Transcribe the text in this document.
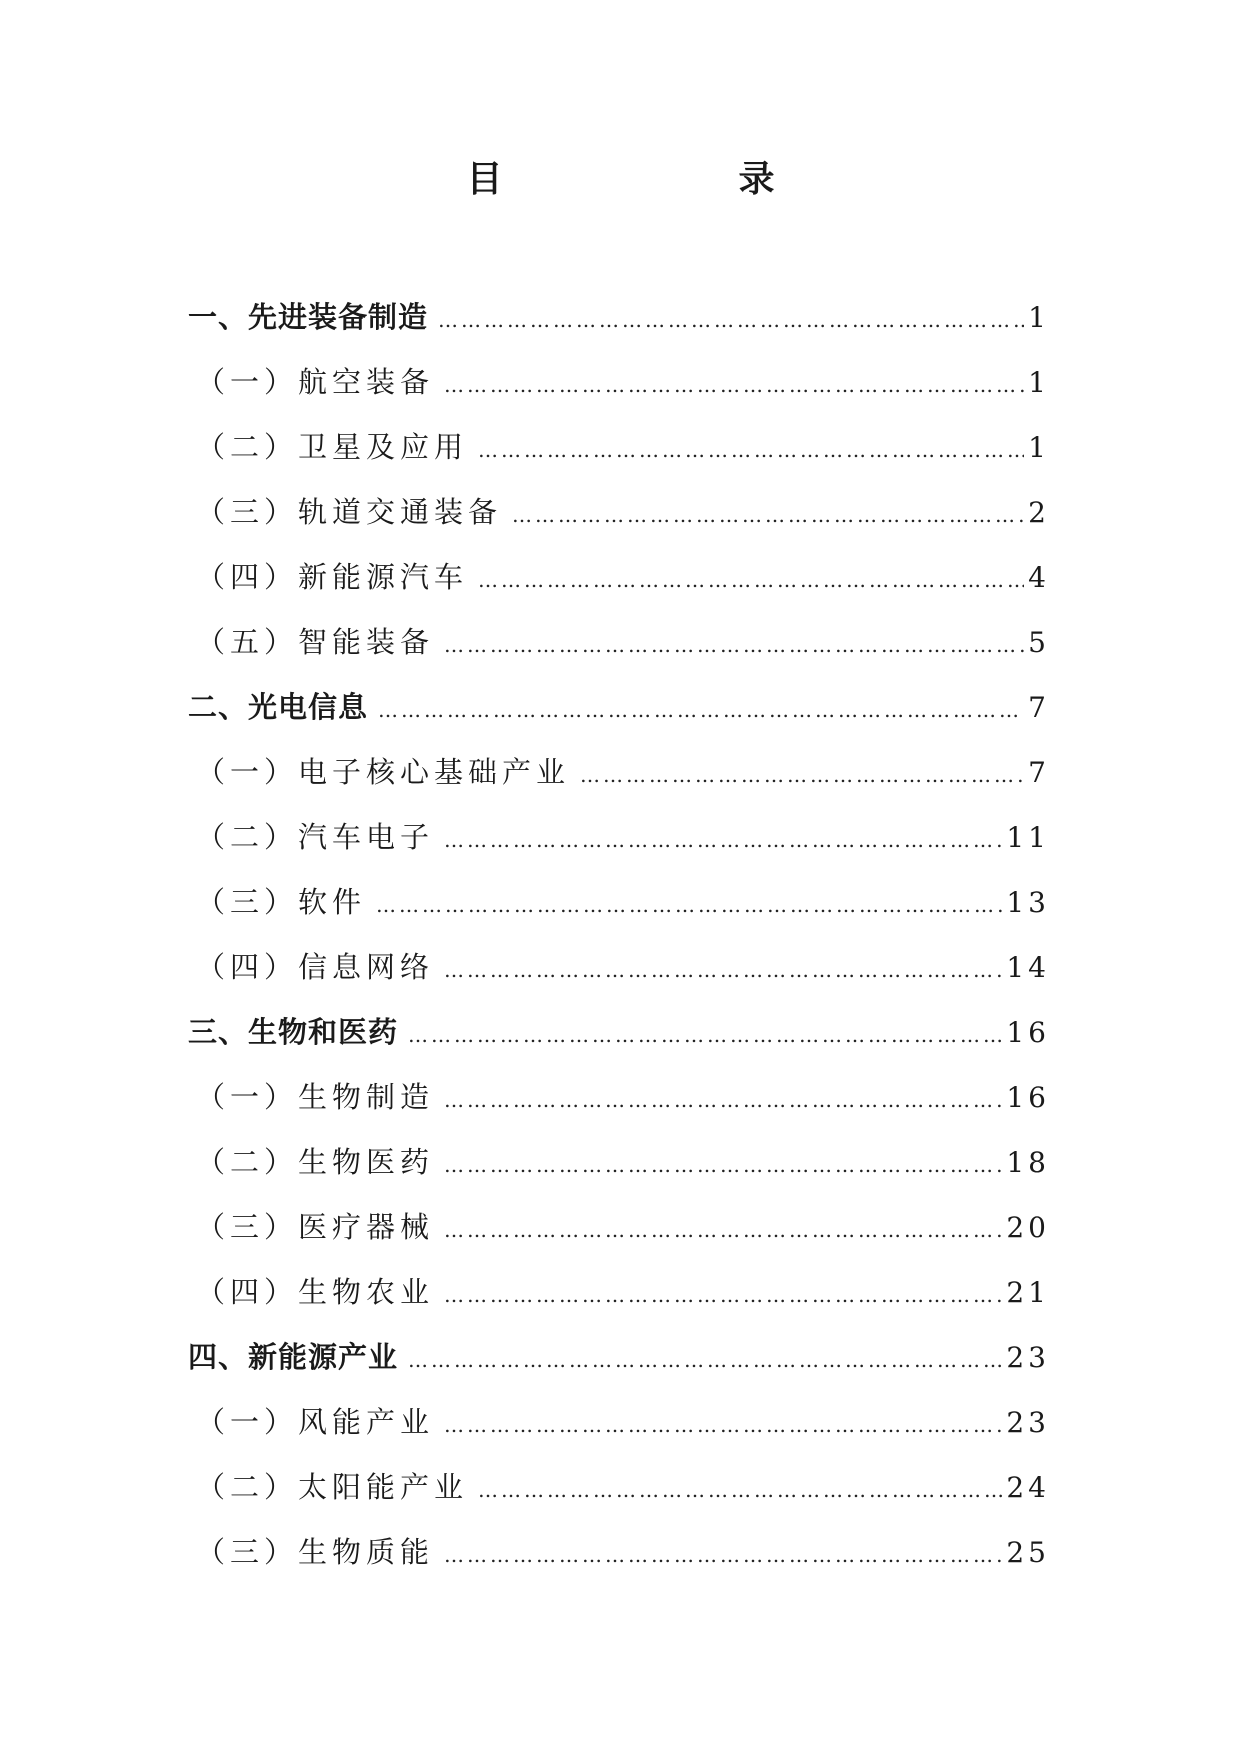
目　录
一、先进装备制造 …………………………………………………………………………………………………………………………………………………………………………	1
（一）航空装备 …………………………………………………………………………………………………………………………………………………………………………	1
（二）卫星及应用 …………………………………………………………………………………………………………………………………………………………………………	1
（三）轨道交通装备 …………………………………………………………………………………………………………………………………………………………………………	2
（四）新能源汽车 …………………………………………………………………………………………………………………………………………………………………………	4
（五）智能装备 …………………………………………………………………………………………………………………………………………………………………………	5
二、光电信息 …………………………………………………………………………………………………………………………………………………………………………	7
（一）电子核心基础产业 …………………………………………………………………………………………………………………………………………………………………………	7
（二）汽车电子 …………………………………………………………………………………………………………………………………………………………………………	11
（三）软件 …………………………………………………………………………………………………………………………………………………………………………	13
（四）信息网络 …………………………………………………………………………………………………………………………………………………………………………	14
三、生物和医药 …………………………………………………………………………………………………………………………………………………………………………	16
（一）生物制造 …………………………………………………………………………………………………………………………………………………………………………	16
（二）生物医药 …………………………………………………………………………………………………………………………………………………………………………	18
（三）医疗器械 …………………………………………………………………………………………………………………………………………………………………………	20
（四）生物农业 …………………………………………………………………………………………………………………………………………………………………………	21
四、新能源产业 …………………………………………………………………………………………………………………………………………………………………………	23
（一）风能产业 …………………………………………………………………………………………………………………………………………………………………………	23
（二）太阳能产业 …………………………………………………………………………………………………………………………………………………………………………	24
（三）生物质能 …………………………………………………………………………………………………………………………………………………………………………	25
